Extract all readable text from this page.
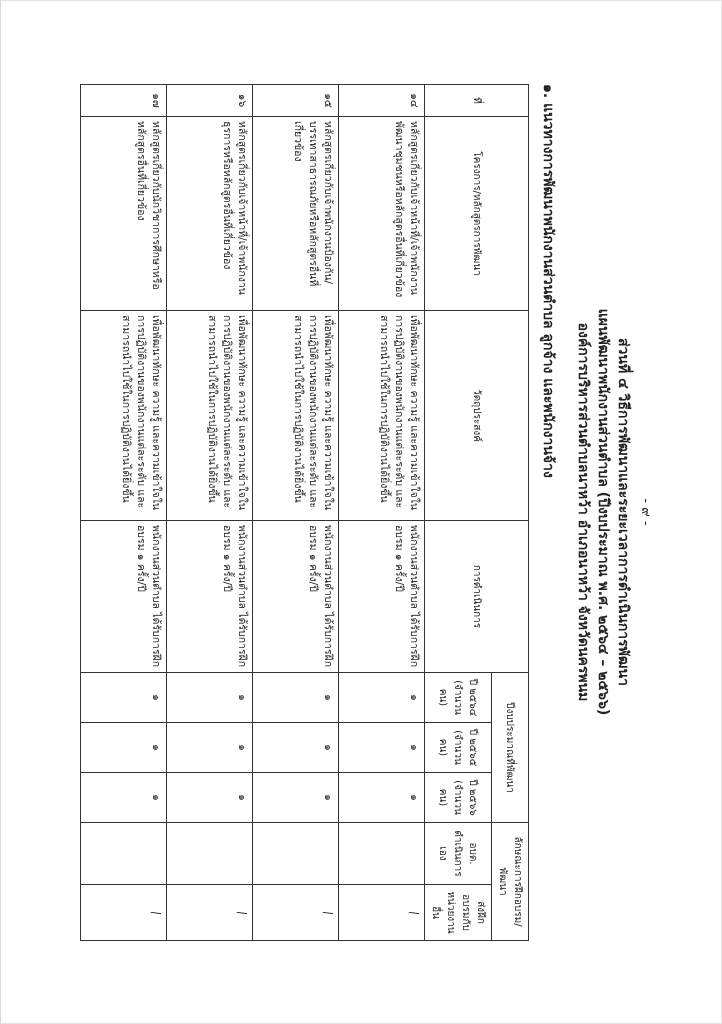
- ๙ -
ส่วนที่ ๔ วิธีการพัฒนาและระยะเวลาการดำเนินการพัฒนา
แผนพัฒนาพนักงานส่วนตำบล (ปีงบประมาณ พ.ศ. ๒๕๖๔ – ๒๕๖๖)
องค์การบริหารส่วนตำบลนาหว้า อำเภอนาหว้า จังหวัดนครพนม
๑. แนวทางการพัฒนาพนักงานส่วนตำบล ลูกจ้าง และพนักงานจ้าง
ที่	โครงการ/หลักสูตรการพัฒนา	วัตถุประสงค์	การดำเนินการ	ปีงบประมาณที่พัฒนา			ลักษณะการฝึกอบรม/พัฒนา	
				ปี ๒๕๖๔ (จำนวน คน)	ปี ๒๕๖๕ (จำนวน คน)	ปี ๒๕๖๖ (จำนวน คน)	อบต. ดำเนินการเอง	ส่งฝึกอบรมกับ หน่วยงานอื่น
๑๔	หลักสูตรเกี่ยวกับเจ้าหน้าที่/เจ้าพนักงานพัฒนาชุมชนหรือหลักสูตรอื่นที่เกี่ยวข้อง	เพื่อพัฒนาทักษะ ความรู้ และความเข้าใจในการปฏิบัติงานของพนักงานแต่ละระดับ และสามารถนำไปใช้ในการปฏิบัติงานได้ยิ่งขึ้น	พนักงานส่วนตำบล ได้รับการฝึกอบรม ๑ ครั้ง/ปี	๑	๑	๑		/
๑๕	หลักสูตรเกี่ยวกับเจ้าพนักงานป้องกัน/บรรเทาสาธารณภัยหรือหลักสูตรอื่นที่เกี่ยวข้อง	เพื่อพัฒนาทักษะ ความรู้ และความเข้าใจในการปฏิบัติงานของพนักงานแต่ละระดับ และสามารถนำไปใช้ในการปฏิบัติงานได้ยิ่งขึ้น	พนักงานส่วนตำบล ได้รับการฝึกอบรม ๑ ครั้ง/ปี	๑	๑	๑		/
๑๖	หลักสูตรเกี่ยวกับเจ้าหน้าที่/เจ้าพนักงานธุรการหรือหลักสูตรอื่นที่เกี่ยวข้อง	เพื่อพัฒนาทักษะ ความรู้ และความเข้าใจในการปฏิบัติงานของพนักงานแต่ละระดับ และสามารถนำไปใช้ในการปฏิบัติงานได้ยิ่งขึ้น	พนักงานส่วนตำบล ได้รับการฝึกอบรม ๑ ครั้ง/ปี	๑	๑	๑		/
๑๗	หลักสูตรเกี่ยวกับนักวิชาการศึกษาหรือหลักสูตรอื่นที่เกี่ยวข้อง	เพื่อพัฒนาทักษะ ความรู้ และความเข้าใจในการปฏิบัติงานของพนักงานแต่ละระดับ และสามารถนำไปใช้ในการปฏิบัติงานได้ยิ่งขึ้น	พนักงานส่วนตำบล ได้รับการฝึกอบรม ๑ ครั้ง/ปี	๑	๑	๑		/
